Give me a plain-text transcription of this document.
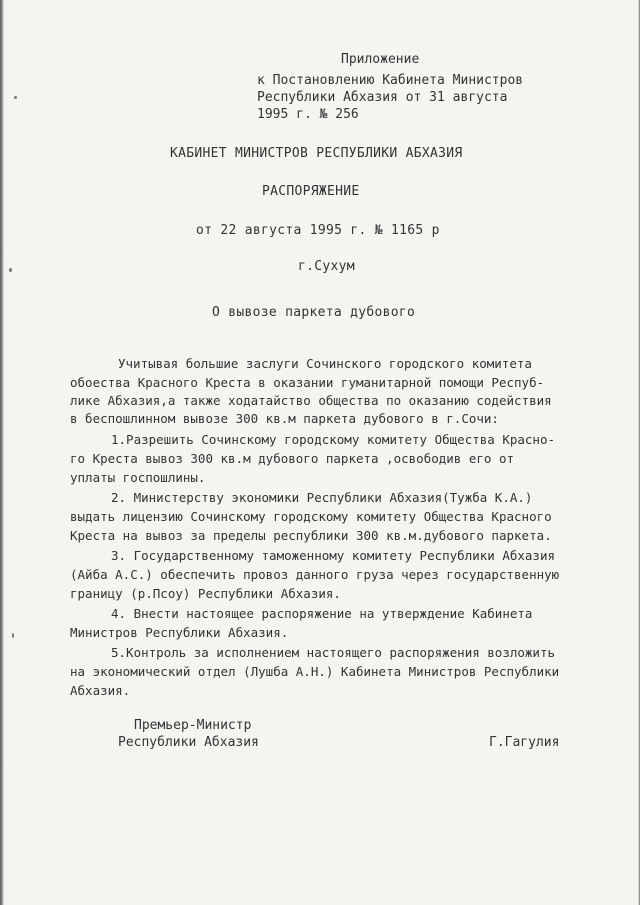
Приложение
к Постановлению Кабинета Министров
Республики Абхазия от 31 августа
1995 г. № 256
КАБИНЕТ МИНИСТРОВ РЕСПУБЛИКИ АБХАЗИЯ
РАСПОРЯЖЕНИЕ
от 22 августа 1995 г. № 1165 р
г.Сухум
О вывозе паркета дубового
Учитывая большие заслуги Сочинского городского комитета
обоества Красного Креста в оказании гуманитарной помощи Респуб-
лике Абхазия,а также ходатайство общества по оказанию содействия
в беспошлинном вывозе 300 кв.м паркета дубового в г.Сочи:
1.Разрешить Сочинскому городскому комитету Общества Красно-
го Креста вывоз 300 кв.м дубового паркета ,освободив его от
уплаты госпошлины.
2. Министерству экономики Республики Абхазия(Тужба К.А.)
выдать лицензию Сочинскому городскому комитету Общества Красного
Креста на вывоз за пределы республики 300 кв.м.дубового паркета.
3. Государственному таможенному комитету Республики Абхазия
(Айба А.С.) обеспечить провоз данного груза через государственную
границу (р.Псоу) Республики Абхазия.
4. Внести настоящее распоряжение на утверждение Кабинета
Министров Республики Абхазия.
5.Контроль за исполнением настоящего распоряжения возложить
на экономический отдел (Лушба А.Н.) Кабинета Министров Республики
Абхазия.
Премьер-Министр
Республики Абхазия	Г.Гагулия
